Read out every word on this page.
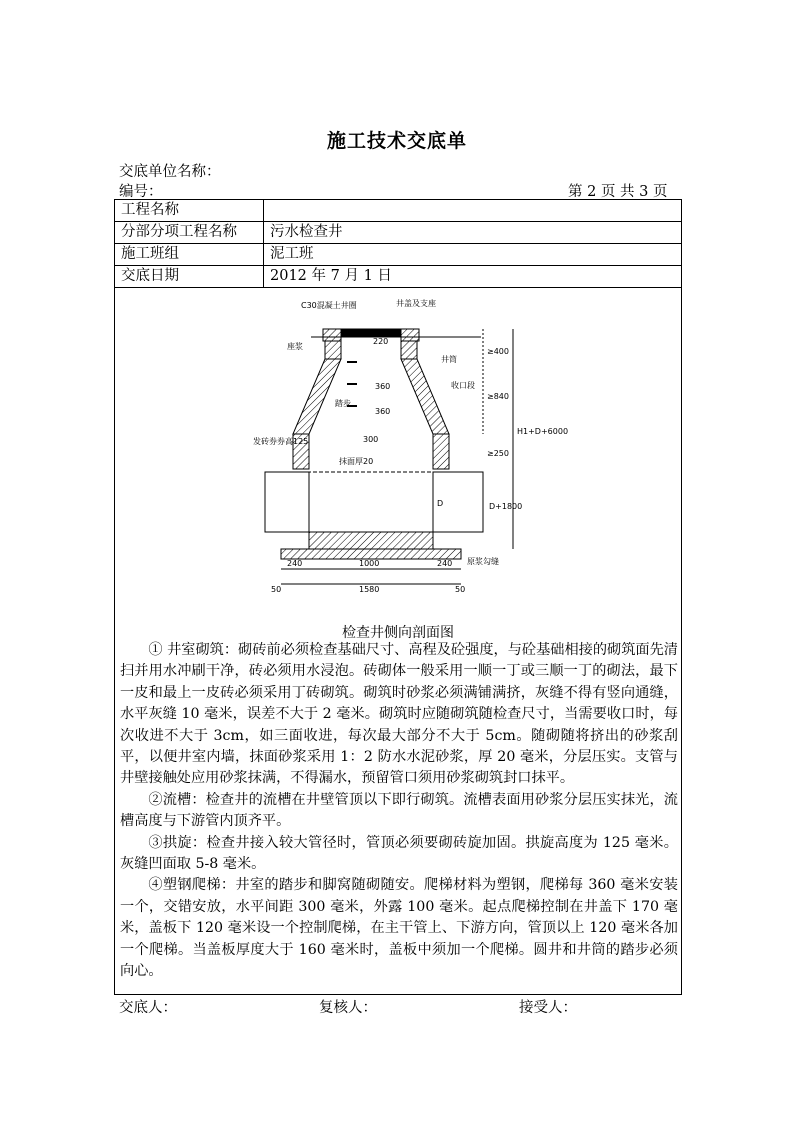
施工技术交底单
交底单位名称：
编号：	第 2 页 共 3 页
工程名称	
分部分项工程名称	污水检查井
施工班组	泥工班
交底日期	2012 年 7 月 1 日
C30混凝土井圈	井盖及支座
座浆
井筒
收口段
踏步
发砖券券高125
抹面厚20
原浆勾缝
220
≥400
360
360
≥840
300
≥250
H1+D+6000
D+1800
D
240	1000	240
50	1580	50
检查井侧向剖面图

① 井室砌筑：砌砖前必须检查基础尺寸、高程及砼强度，与砼基础相接的砌筑面先清扫并用水冲刷干净，砖必须用水浸泡。砖砌体一般采用一顺一丁或三顺一丁的砌法，最下一皮和最上一皮砖必须采用丁砖砌筑。砌筑时砂浆必须满铺满挤，灰缝不得有竖向通缝，水平灰缝 10 毫米，误差不大于 2 毫米。砌筑时应随砌筑随检查尺寸，当需要收口时，每次收进不大于 3cm，如三面收进，每次最大部分不大于 5cm。随砌随将挤出的砂浆刮平，以便井室内墙，抹面砂浆采用 1：2 防水水泥砂浆，厚 20 毫米，分层压实。支管与井壁接触处应用砂浆抹满，不得漏水，预留管口须用砂浆砌筑封口抹平。

②流槽：检查井的流槽在井壁管顶以下即行砌筑。流槽表面用砂浆分层压实抹光，流槽高度与下游管内顶齐平。

③拱旋：检查井接入较大管径时，管顶必须要砌砖旋加固。拱旋高度为 125 毫米。灰缝凹面取 5-8 毫米。

④塑钢爬梯：井室的踏步和脚窝随砌随安。爬梯材料为塑钢，爬梯每 360 毫米安装一个，交错安放，水平间距 300 毫米，外露 100 毫米。起点爬梯控制在井盖下 170 毫米，盖板下 120 毫米设一个控制爬梯，在主干管上、下游方向，管顶以上 120 毫米各加一个爬梯。当盖板厚度大于 160 毫米时，盖板中须加一个爬梯。圆井和井筒的踏步必须向心。

交底人：	复核人：	接受人：
